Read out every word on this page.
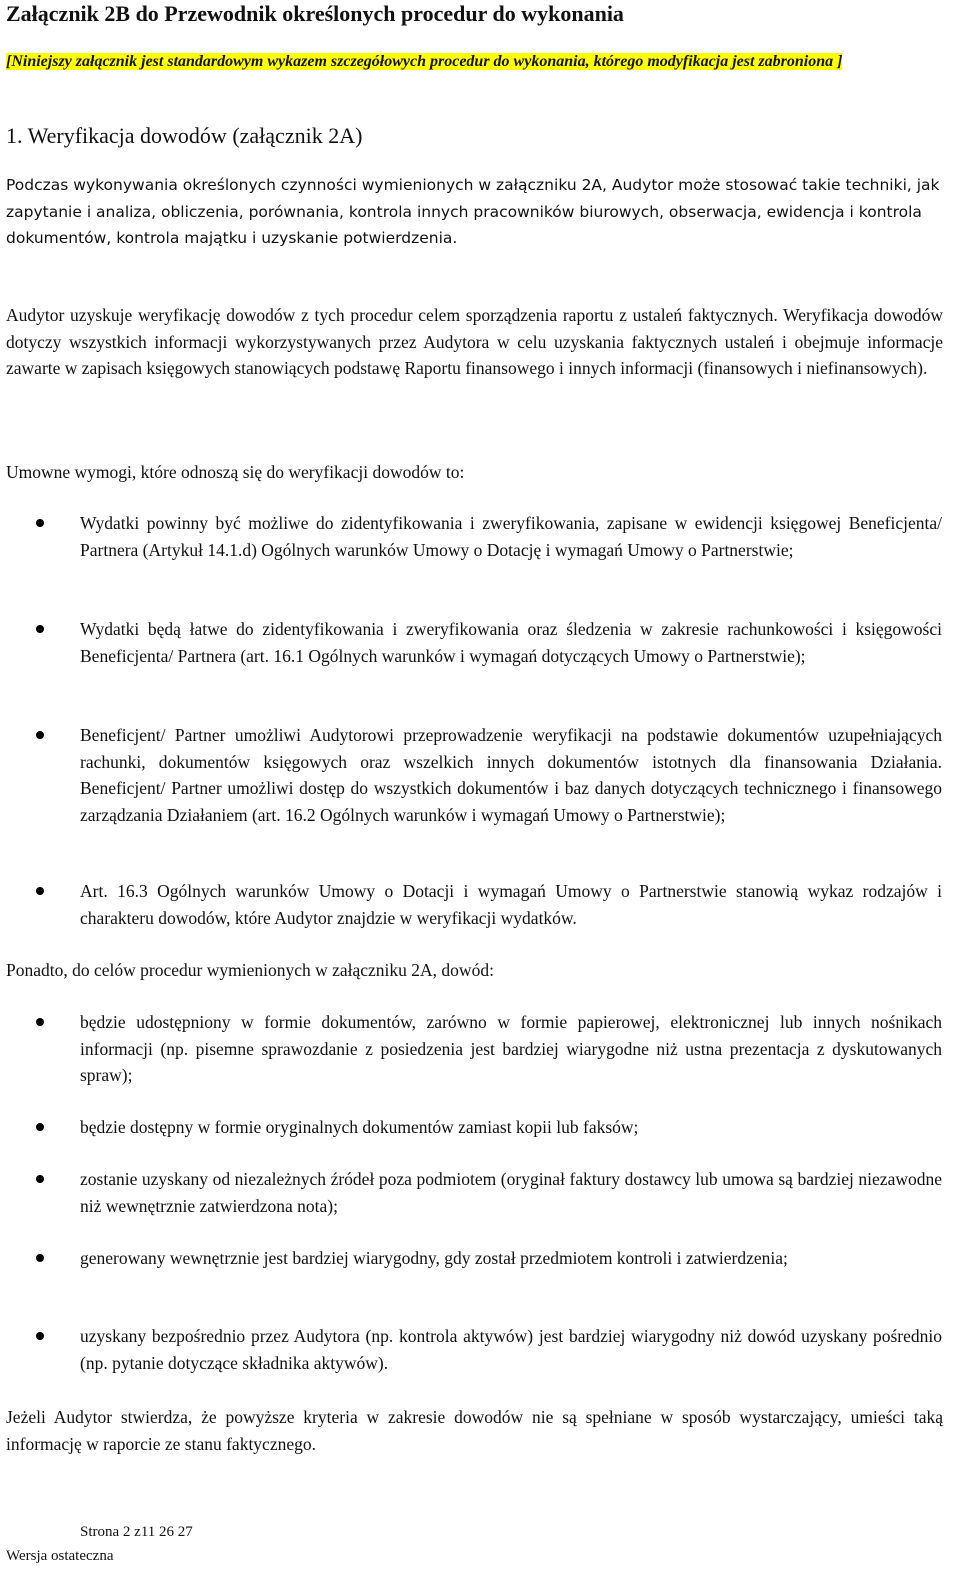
Załącznik 2B do Przewodnik określonych procedur do wykonania
[Niniejszy załącznik jest standardowym wykazem szczegółowych procedur do wykonania, którego modyfikacja jest zabroniona ]
1. Weryfikacja dowodów (załącznik 2A)

Podczas wykonywania określonych czynności wymienionych w załączniku 2A, Audytor może stosować takie techniki, jak zapytanie i analiza, obliczenia, porównania, kontrola innych pracowników biurowych, obserwacja, ewidencja i kontrola dokumentów, kontrola majątku i uzyskanie potwierdzenia.

Audytor uzyskuje weryfikację dowodów z tych procedur celem sporządzenia raportu z ustaleń faktycznych. Weryfikacja dowodów dotyczy wszystkich informacji wykorzystywanych przez Audytora w celu uzyskania faktycznych ustaleń i obejmuje informacje zawarte w zapisach księgowych stanowiących podstawę Raportu finansowego i innych informacji (finansowych i niefinansowych).

Umowne wymogi, które odnoszą się do weryfikacji dowodów to:

Wydatki powinny być możliwe do zidentyfikowania i zweryfikowania, zapisane w ewidencji księgowej Beneficjenta/ Partnera (Artykuł 14.1.d) Ogólnych warunków Umowy o Dotację i wymagań Umowy o Partnerstwie;
Wydatki będą łatwe do zidentyfikowania i zweryfikowania oraz śledzenia w zakresie rachunkowości i księgowości Beneficjenta/ Partnera (art. 16.1 Ogólnych warunków i wymagań dotyczących Umowy o Partnerstwie);
Beneficjent/ Partner umożliwi Audytorowi przeprowadzenie weryfikacji na podstawie dokumentów uzupełniających rachunki, dokumentów księgowych oraz wszelkich innych dokumentów istotnych dla finansowania Działania. Beneficjent/ Partner umożliwi dostęp do wszystkich dokumentów i baz danych dotyczących technicznego i finansowego zarządzania Działaniem (art. 16.2 Ogólnych warunków i wymagań Umowy o Partnerstwie);
Art. 16.3 Ogólnych warunków Umowy o Dotacji i wymagań Umowy o Partnerstwie stanowią wykaz rodzajów i charakteru dowodów, które Audytor znajdzie w weryfikacji wydatków.

Ponadto, do celów procedur wymienionych w załączniku 2A, dowód:

będzie udostępniony w formie dokumentów, zarówno w formie papierowej, elektronicznej lub innych nośnikach informacji (np. pisemne sprawozdanie z posiedzenia jest bardziej wiarygodne niż ustna prezentacja z dyskutowanych spraw);
będzie dostępny w formie oryginalnych dokumentów zamiast kopii lub faksów;
zostanie uzyskany od niezależnych źródeł poza podmiotem (oryginał faktury dostawcy lub umowa są bardziej niezawodne niż wewnętrznie zatwierdzona nota);
generowany wewnętrznie jest bardziej wiarygodny, gdy został przedmiotem kontroli i zatwierdzenia;
uzyskany bezpośrednio przez Audytora (np. kontrola aktywów) jest bardziej wiarygodny niż dowód uzyskany pośrednio (np. pytanie dotyczące składnika aktywów).

Jeżeli Audytor stwierdza, że powyższe kryteria w zakresie dowodów nie są spełniane w sposób wystarczający, umieści taką informację w raporcie ze stanu faktycznego.

Strona 2 z11 26 27
Wersja ostateczna
